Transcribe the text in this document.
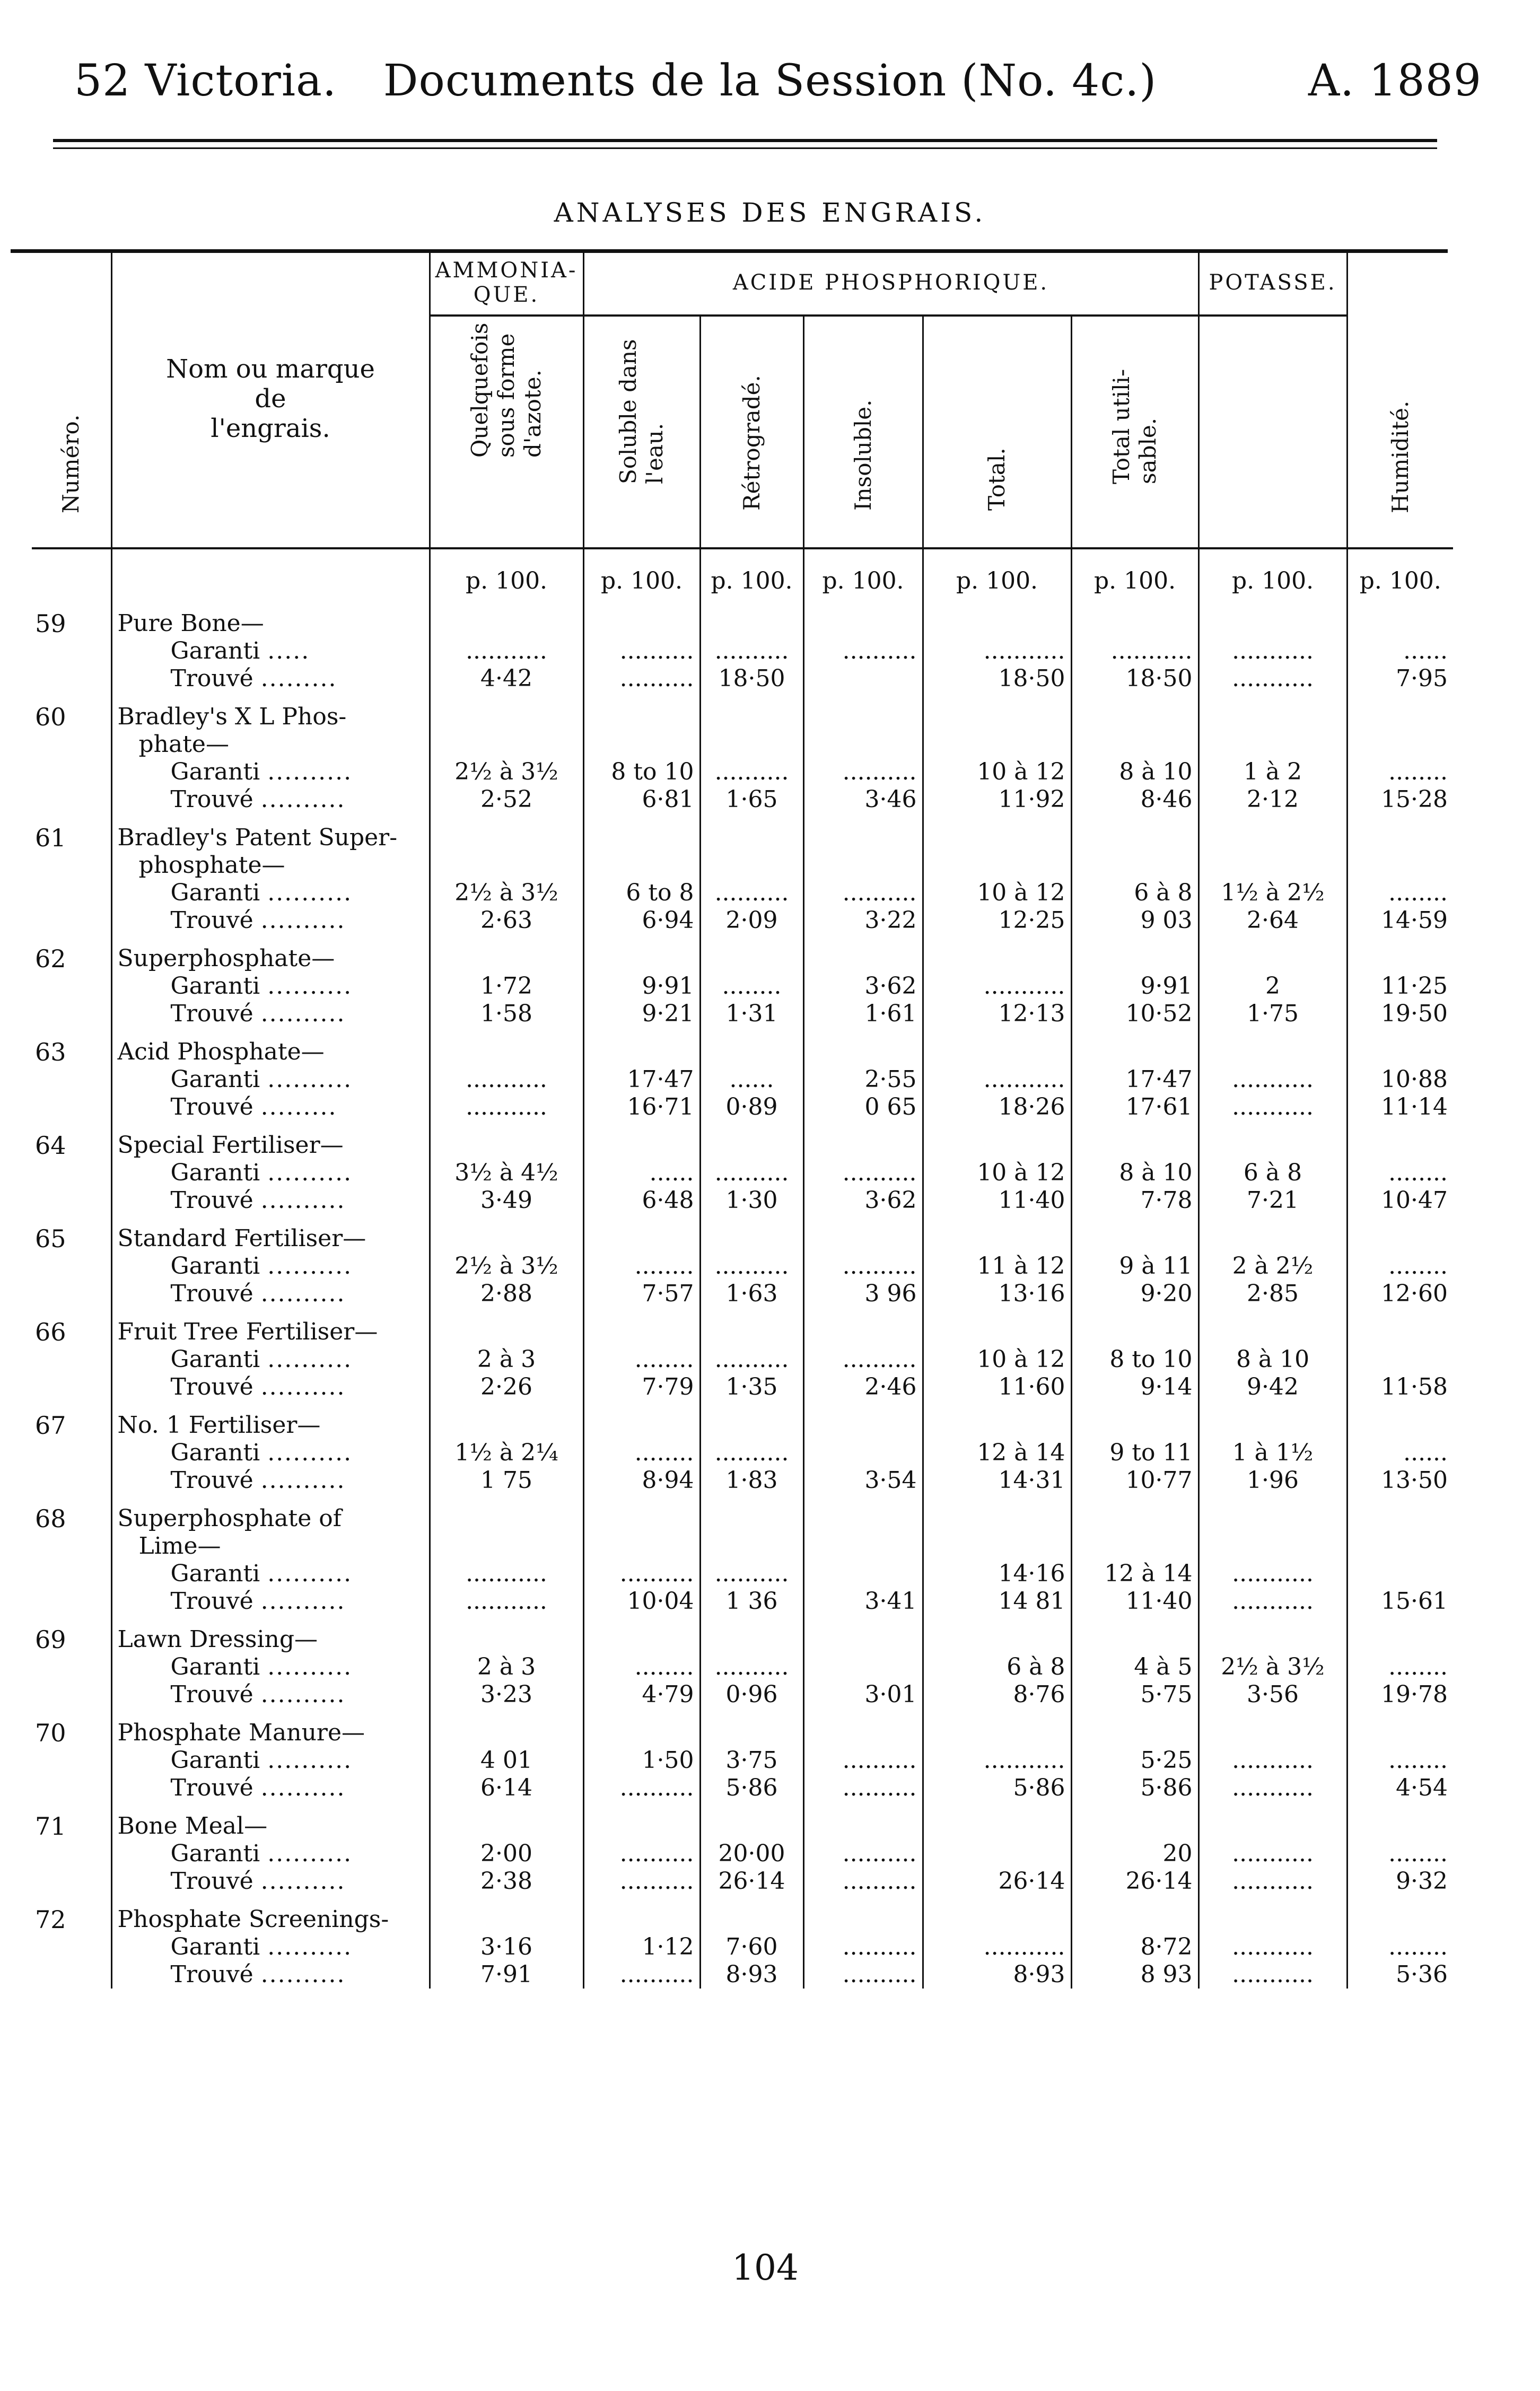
52 Victoria.	Documents de la Session (No. 4c.)	A. 1889
ANALYSES DES ENGRAIS.
Numéro.	Nom ou marque
de
l'engrais.	AMMONIA-
QUE.	ACIDE PHOSPHORIQUE.					POTASSE.	Humidité.

		Quelquefois sous forme d'azote.	Soluble dans l'eau.	Rétrogradé.	Insoluble.	Total.	Total utili- sable.		

		p. 100.	p. 100.	p. 100.	p. 100.	p. 100.	p. 100.	p. 100.	p. 100.
59	Pure Bone—								

	Garanti .....	...........	..........	..........	..........	...........	...........	...........	......

	Trouvé .........	4·42	..........	18·50		18·50	18·50	...........	7·95
60	Bradley's X L Phos-
phate—								

	Garanti ..........	2½ à 3½	8 to 10	..........	..........	10 à 12	8 à 10	1 à 2	........

	Trouvé ..........	2·52	6·81	1·65	3·46	11·92	8·46	2·12	15·28
61	Bradley's Patent Super-
phosphate—								

	Garanti ..........	2½ à 3½	6 to 8	..........	..........	10 à 12	6 à 8	1½ à 2½	........

	Trouvé ..........	2·63	6·94	2·09	3·22	12·25	9 03	2·64	14·59
62	Superphosphate—								

	Garanti ..........	1·72	9·91	........	3·62	...........	9·91	2	11·25

	Trouvé ..........	1·58	9·21	1·31	1·61	12·13	10·52	1·75	19·50
63	Acid Phosphate—								

	Garanti ..........	...........	17·47	......	2·55	...........	17·47	...........	10·88

	Trouvé .........	...........	16·71	0·89	0 65	18·26	17·61	...........	11·14
64	Special Fertiliser—								

	Garanti ..........	3½ à 4½	......	..........	..........	10 à 12	8 à 10	6 à 8	........

	Trouvé ..........	3·49	6·48	1·30	3·62	11·40	7·78	7·21	10·47
65	Standard Fertiliser—								

	Garanti ..........	2½ à 3½	........	..........	..........	11 à 12	9 à 11	2 à 2½	........

	Trouvé ..........	2·88	7·57	1·63	3 96	13·16	9·20	2·85	12·60
66	Fruit Tree Fertiliser—								

	Garanti ..........	2 à 3	........	..........	..........	10 à 12	8 to 10	8 à 10	

	Trouvé ..........	2·26	7·79	1·35	2·46	11·60	9·14	9·42	11·58
67	No. 1 Fertiliser—								

	Garanti ..........	1½ à 2¼	........	..........		12 à 14	9 to 11	1 à 1½	......

	Trouvé ..........	1 75	8·94	1·83	3·54	14·31	10·77	1·96	13·50
68	Superphosphate of
Lime—								

	Garanti ..........	...........	..........	..........		14·16	12 à 14	...........	

	Trouvé ..........	...........	10·04	1 36	3·41	14 81	11·40	...........	15·61
69	Lawn Dressing—								

	Garanti ..........	2 à 3	........	..........		6 à 8	4 à 5	2½ à 3½	........

	Trouvé ..........	3·23	4·79	0·96	3·01	8·76	5·75	3·56	19·78
70	Phosphate Manure—								

	Garanti ..........	4 01	1·50	3·75	..........	...........	5·25	...........	........

	Trouvé ..........	6·14	..........	5·86	..........	5·86	5·86	...........	4·54
71	Bone Meal—								

	Garanti ..........	2·00	..........	20·00	..........		20	...........	........

	Trouvé ..........	2·38	..........	26·14	..........	26·14	26·14	...........	9·32
72	Phosphate Screenings-								

	Garanti ..........	3·16	1·12	7·60	..........	...........	8·72	...........	........

	Trouvé ..........	7·91	..........	8·93	..........	8·93	8 93	...........	5·36
104
